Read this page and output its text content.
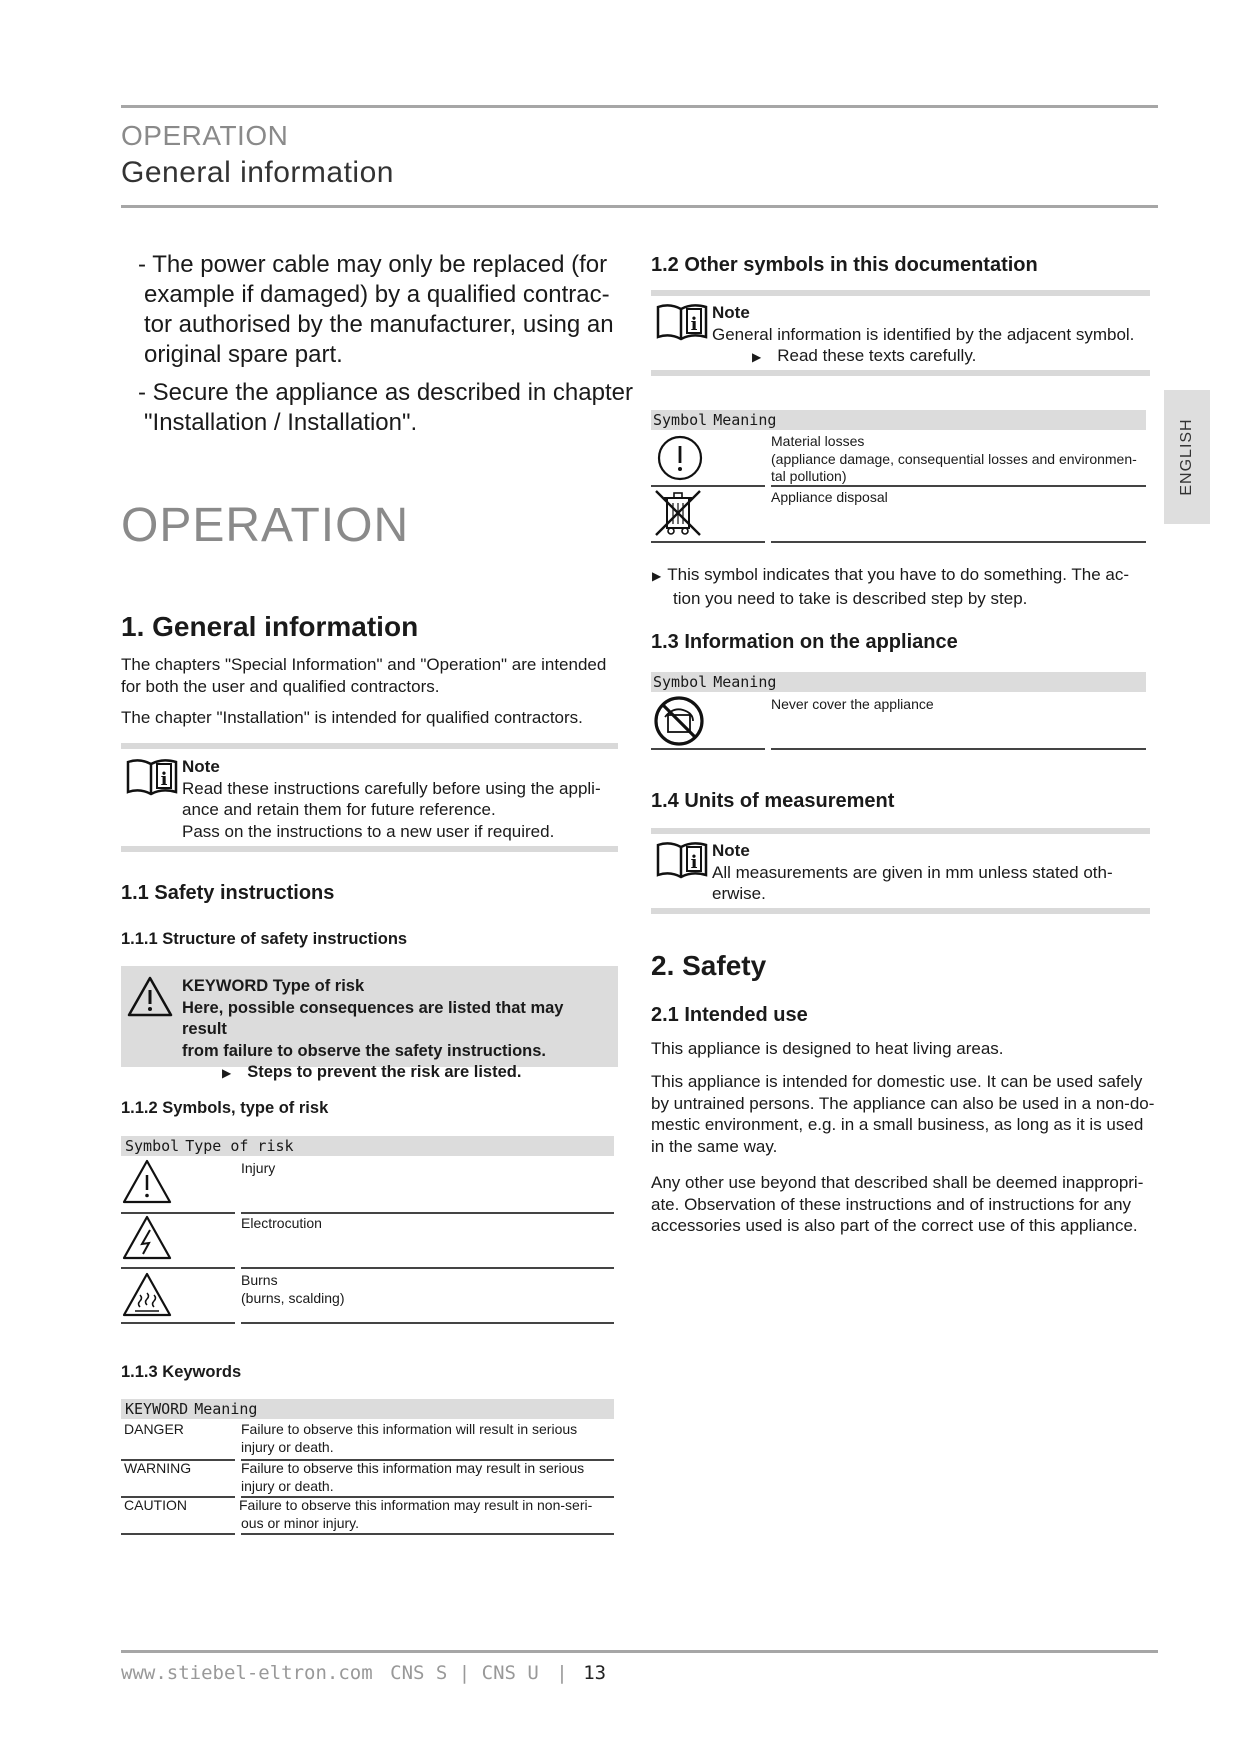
OPERATION
General information
ENGLISH
- The power cable may only be replaced (for
example if damaged) by a qualified contrac-
tor authorised by the manufacturer, using an
original spare part.
- Secure the appliance as described in chapter
"Installation / Installation".
OPERATION
1. General information
The chapters "Special Information" and "Operation" are intended
for both the user and qualified contractors.
The chapter "Installation" is intended for qualified contractors.
i
Note
Read these instructions carefully before using the appli-
ance and retain them for future reference.
Pass on the instructions to a new user if required.
1.1 Safety instructions
1.1.1 Structure of safety instructions
KEYWORD Type of risk
Here, possible consequences are listed that may result
from failure to observe the safety instructions.
▶ Steps to prevent the risk are listed.
1.1.2 Symbols, type of risk
Symbol Type of risk
Injury
Electrocution
Burns
(burns, scalding)
1.1.3 Keywords
KEYWORD Meaning
DANGER	Failure to observe this information will result in serious
injury or death.
WARNING	Failure to observe this information may result in serious
injury or death.
CAUTION	Failure to observe this information may result in non-seri-
ous or minor injury.
1.2 Other symbols in this documentation
i
Note
General information is identified by the adjacent symbol.
▶ Read these texts carefully.
Symbol Meaning
Material losses
(appliance damage, consequential losses and environmen-
tal pollution)
Appliance disposal
▶ This symbol indicates that you have to do something. The ac-
tion you need to take is described step by step.
1.3 Information on the appliance
Symbol Meaning
Never cover the appliance
1.4 Units of measurement
i
Note
All measurements are given in mm unless stated oth-
erwise.
2. Safety
2.1 Intended use
This appliance is designed to heat living areas.
This appliance is intended for domestic use. It can be used safely
by untrained persons. The appliance can also be used in a non-do-
mestic environment, e.g. in a small business, as long as it is used
in the same way.
Any other use beyond that described shall be deemed inappropri-
ate. Observation of these instructions and of instructions for any
accessories used is also part of the correct use of this appliance.
www.stiebel-eltron.com CNS S | CNS U | 13
